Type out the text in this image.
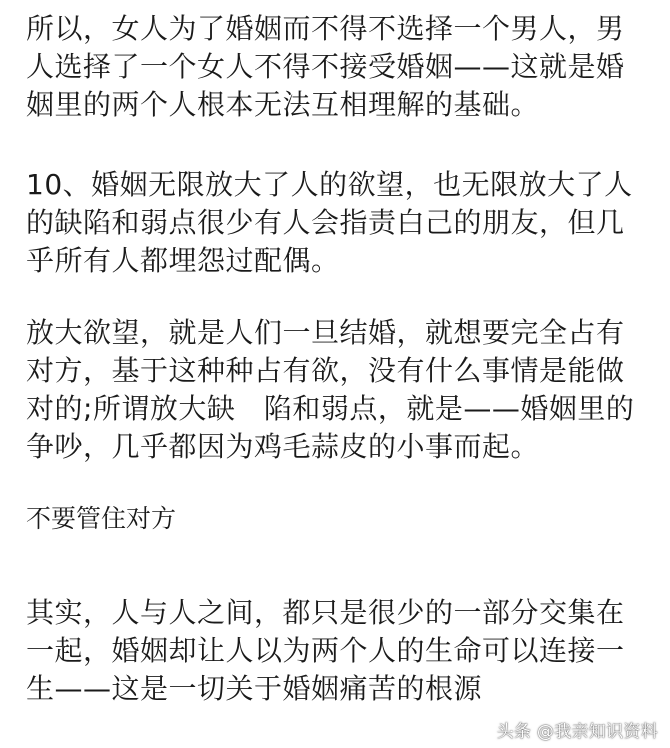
所以，女人为了婚姻而不得不选择一个男人，男
人选择了一个女人不得不接受婚姻——这就是婚
姻里的两个人根本无法互相理解的基础。

10、婚姻无限放大了人的欲望，也无限放大了人
的缺陷和弱点很少有人会指责白己的朋友，但几
乎所有人都埋怨过配偶。

放大欲望，就是人们一旦结婚，就想要完全占有
对方，基于这种种占有欲，没有什么事情是能做
对的;所谓放大缺　陷和弱点，就是——婚姻里的
争吵，几乎都因为鸡毛蒜皮的小事而起。

不要管住对方

其实，人与人之间，都只是很少的一部分交集在
一起，婚姻却让人以为两个人的生命可以连接一
生——这是一切关于婚姻痛苦的根源

头条 @我亲知识资料
